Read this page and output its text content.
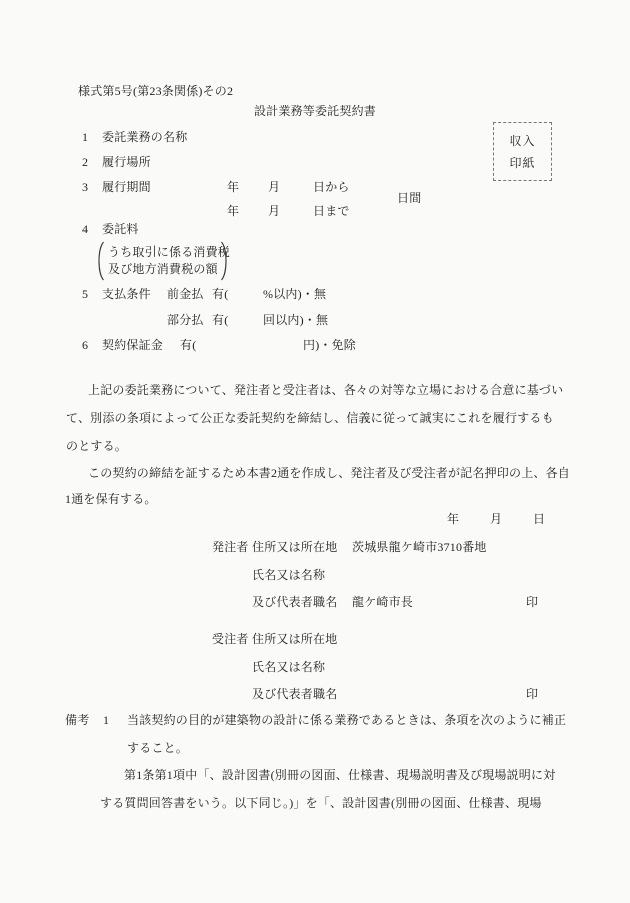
様式第5号(第23条関係)その2
設計業務等委託契約書
収入
印紙
1 委託業務の名称
2 履行場所
3 履行期間	年 月	日から
年 月	日まで
日間
4 委託料
うち取引に係る消費税
及び地方消費税の額
5 支払条件 前金払 有(	%以内)・無
部分払 有(	回以内)・無
6 契約保証金 有(	円)・免除
上記の委託業務について、発注者と受注者は、各々の対等な立場における合意に基づい
て、別添の条項によって公正な委託契約を締結し、信義に従って誠実にこれを履行するも
のとする。
この契約の締結を証するため本書2通を作成し、発注者及び受注者が記名押印の上、各自
1通を保有する。
年	月	日
発注者 住所又は所在地 茨城県龍ケ崎市3710番地
氏名又は名称
及び代表者職名 龍ケ崎市長	印
受注者 住所又は所在地
氏名又は名称
及び代表者職名	印
備考 1 当該契約の目的が建築物の設計に係る業務であるときは、条項を次のように補正
すること。
第1条第1項中「、設計図書(別冊の図面、仕様書、現場説明書及び現場説明に対
する質問回答書をいう。以下同じ。)」を「、設計図書(別冊の図面、仕様書、現場
